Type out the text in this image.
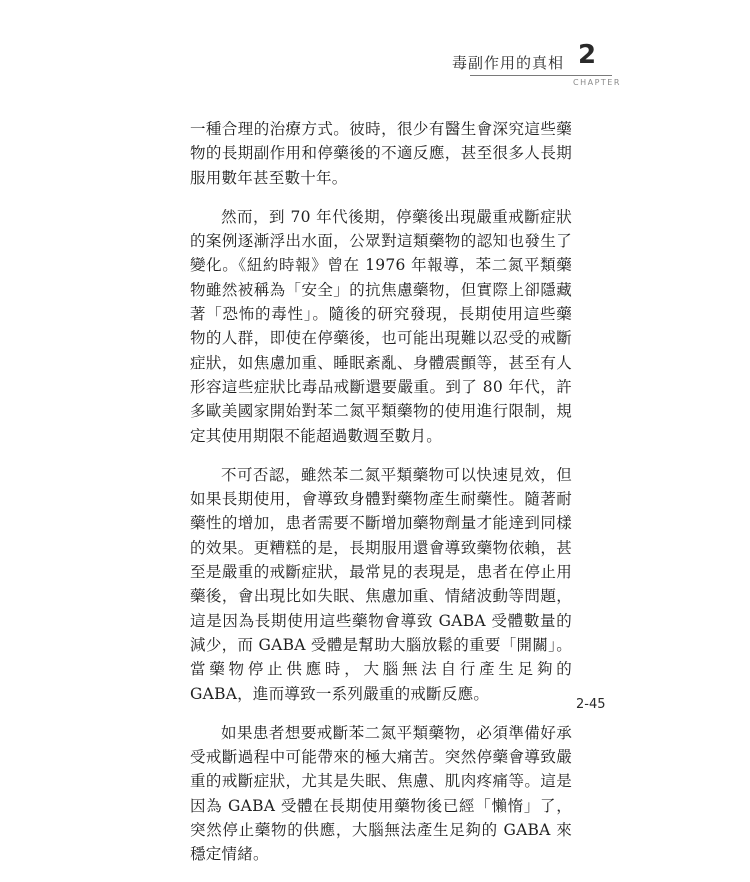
毒副作用的真相 2
CHAPTER

一種合理的治療方式。彼時，很少有醫生會深究這些藥物的長期副作用和停藥後的不適反應，甚至很多人長期服用數年甚至數十年。

然而，到 70 年代後期，停藥後出現嚴重戒斷症狀的案例逐漸浮出水面，公眾對這類藥物的認知也發生了變化。《紐約時報》曾在 1976 年報導，苯二氮平類藥物雖然被稱為「安全」的抗焦慮藥物，但實際上卻隱藏著「恐怖的毒性」。隨後的研究發現，長期使用這些藥物的人群，即使在停藥後，也可能出現難以忍受的戒斷症狀，如焦慮加重、睡眠紊亂、身體震顫等，甚至有人形容這些症狀比毒品戒斷還要嚴重。到了 80 年代，許多歐美國家開始對苯二氮平類藥物的使用進行限制，規定其使用期限不能超過數週至數月。

不可否認，雖然苯二氮平類藥物可以快速見效，但如果長期使用，會導致身體對藥物產生耐藥性。隨著耐藥性的增加，患者需要不斷增加藥物劑量才能達到同樣的效果。更糟糕的是，長期服用還會導致藥物依賴，甚至是嚴重的戒斷症狀，最常見的表現是，患者在停止用藥後，會出現比如失眠、焦慮加重、情緒波動等問題，這是因為長期使用這些藥物會導致 GABA 受體數量的減少，而 GABA 受體是幫助大腦放鬆的重要「開關」。當藥物停止供應時，大腦無法自行產生足夠的 GABA，進而導致一系列嚴重的戒斷反應。

如果患者想要戒斷苯二氮平類藥物，必須準備好承受戒斷過程中可能帶來的極大痛苦。突然停藥會導致嚴重的戒斷症狀，尤其是失眠、焦慮、肌肉疼痛等。這是因為 GABA 受體在長期使用藥物後已經「懶惰」了，突然停止藥物的供應，大腦無法產生足夠的 GABA 來穩定情緒。

2-45
